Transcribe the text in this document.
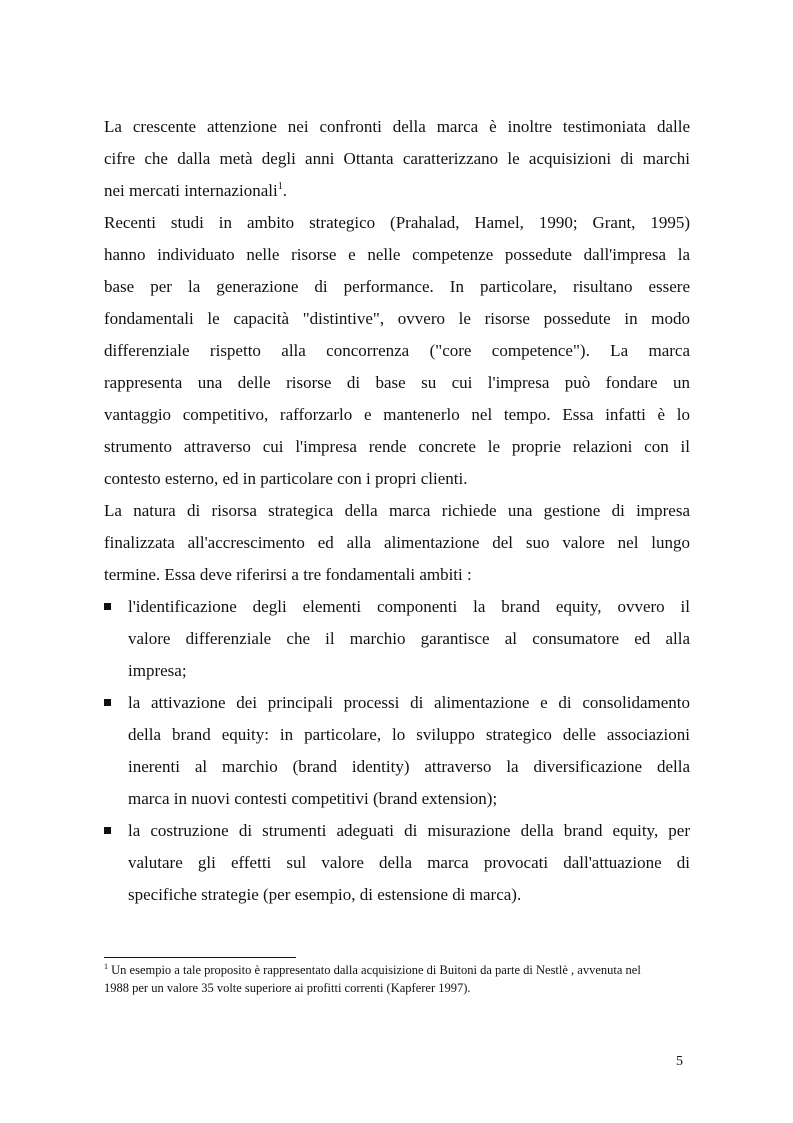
La crescente attenzione nei confronti della marca è inoltre testimoniata dalle
cifre che dalla metà degli anni Ottanta caratterizzano le acquisizioni di marchi
nei mercati internazionali$^1$.
Recenti studi in ambito strategico (Prahalad, Hamel, 1990; Grant, 1995)
hanno individuato nelle risorse e nelle competenze possedute dall'impresa la
base per la generazione di performance. In particolare, risultano essere
fondamentali le capacità "distintive", ovvero le risorse possedute in modo
differenziale rispetto alla concorrenza ("core competence"). La marca
rappresenta una delle risorse di base su cui l'impresa può fondare un
vantaggio competitivo, rafforzarlo e mantenerlo nel tempo. Essa infatti è lo
strumento attraverso cui l'impresa rende concrete le proprie relazioni con il
contesto esterno, ed in particolare con i propri clienti.
La natura di risorsa strategica della marca richiede una gestione di impresa
finalizzata all'accrescimento ed alla alimentazione del suo valore nel lungo
termine. Essa deve riferirsi a tre fondamentali ambiti :
l'identificazione degli elementi componenti la brand equity, ovvero il
valore differenziale che il marchio garantisce al consumatore ed alla
impresa;
la attivazione dei principali processi di alimentazione e di consolidamento
della brand equity: in particolare, lo sviluppo strategico delle associazioni
inerenti al marchio (brand identity) attraverso la diversificazione della
marca in nuovi contesti competitivi (brand extension);
la costruzione di strumenti adeguati di misurazione della brand equity, per
valutare gli effetti sul valore della marca provocati dall'attuazione di
specifiche strategie (per esempio, di estensione di marca).
$^1$ Un esempio a tale proposito è rappresentato dalla acquisizione di Buitoni da parte di Nestlè , avvenuta nel
1988 per un valore 35 volte superiore ai profitti correnti (Kapferer 1997).
5
